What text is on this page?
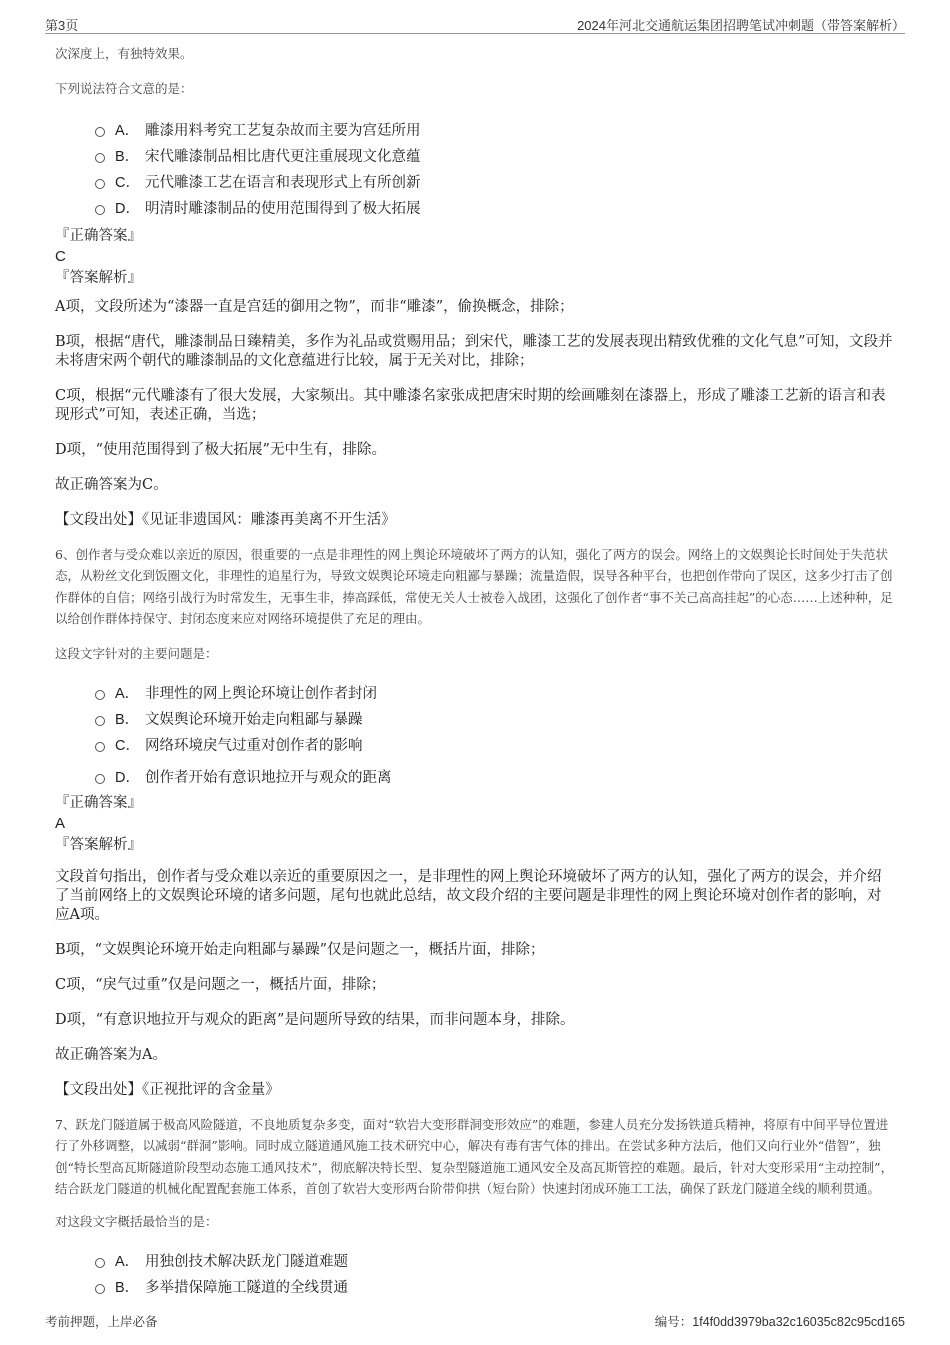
第3页	2024年河北交通航运集团招聘笔试冲刺题（带答案解析）
次深度上，有独特效果。
下列说法符合文意的是：
A． 雕漆用料考究工艺复杂故而主要为宫廷所用
B． 宋代雕漆制品相比唐代更注重展现文化意蕴
C． 元代雕漆工艺在语言和表现形式上有所创新
D． 明清时雕漆制品的使用范围得到了极大拓展
『正确答案』
C
『答案解析』

A项，文段所述为“漆器一直是宫廷的御用之物”，而非“雕漆”，偷换概念，排除；

B项，根据“唐代，雕漆制品日臻精美，多作为礼品或赏赐用品；到宋代，雕漆工艺的发展表现出精致优雅的文化气息”可知，文段并未将唐宋两个朝代的雕漆制品的文化意蕴进行比较，属于无关对比，排除；

C项，根据“元代雕漆有了很大发展，大家频出。其中雕漆名家张成把唐宋时期的绘画雕刻在漆器上，形成了雕漆工艺新的语言和表现形式”可知，表述正确，当选；

D项，“使用范围得到了极大拓展”无中生有，排除。

故正确答案为C。

【文段出处】《见证非遗国风：雕漆再美离不开生活》

6、创作者与受众难以亲近的原因，很重要的一点是非理性的网上舆论环境破坏了两方的认知，强化了两方的误会。网络上的文娱舆论长时间处于失范状态，从粉丝文化到饭圈文化，非理性的追星行为，导致文娱舆论环境走向粗鄙与暴躁；流量造假，误导各种平台，也把创作带向了误区，这多少打击了创作群体的自信；网络引战行为时常发生，无事生非，捧高踩低，常使无关人士被卷入战团，这强化了创作者“事不关己高高挂起”的心态……上述种种，足以给创作群体持保守、封闭态度来应对网络环境提供了充足的理由。
这段文字针对的主要问题是：
A． 非理性的网上舆论环境让创作者封闭
B． 文娱舆论环境开始走向粗鄙与暴躁
C． 网络环境戾气过重对创作者的影响
D． 创作者开始有意识地拉开与观众的距离
『正确答案』
A
『答案解析』

文段首句指出，创作者与受众难以亲近的重要原因之一，是非理性的网上舆论环境破坏了两方的认知，强化了两方的误会，并介绍了当前网络上的文娱舆论环境的诸多问题，尾句也就此总结，故文段介绍的主要问题是非理性的网上舆论环境对创作者的影响，对应A项。

B项，“文娱舆论环境开始走向粗鄙与暴躁”仅是问题之一，概括片面，排除；

C项，“戾气过重”仅是问题之一，概括片面，排除；

D项，“有意识地拉开与观众的距离”是问题所导致的结果，而非问题本身，排除。

故正确答案为A。

【文段出处】《正视批评的含金量》

7、跃龙门隧道属于极高风险隧道，不良地质复杂多变，面对“软岩大变形群洞变形效应”的难题，参建人员充分发扬铁道兵精神，将原有中间平导位置进行了外移调整，以减弱“群洞”影响。同时成立隧道通风施工技术研究中心，解决有毒有害气体的排出。在尝试多种方法后，他们又向行业外“借智”，独创“特长型高瓦斯隧道阶段型动态施工通风技术”，彻底解决特长型、复杂型隧道施工通风安全及高瓦斯管控的难题。最后，针对大变形采用“主动控制”，结合跃龙门隧道的机械化配置配套施工体系，首创了软岩大变形两台阶带仰拱（短台阶）快速封闭成环施工工法，确保了跃龙门隧道全线的顺利贯通。
对这段文字概括最恰当的是：
A． 用独创技术解决跃龙门隧道难题
B． 多举措保障施工隧道的全线贯通
考前押题，上岸必备	编号：1f4f0dd3979ba32c16035c82c95cd165
